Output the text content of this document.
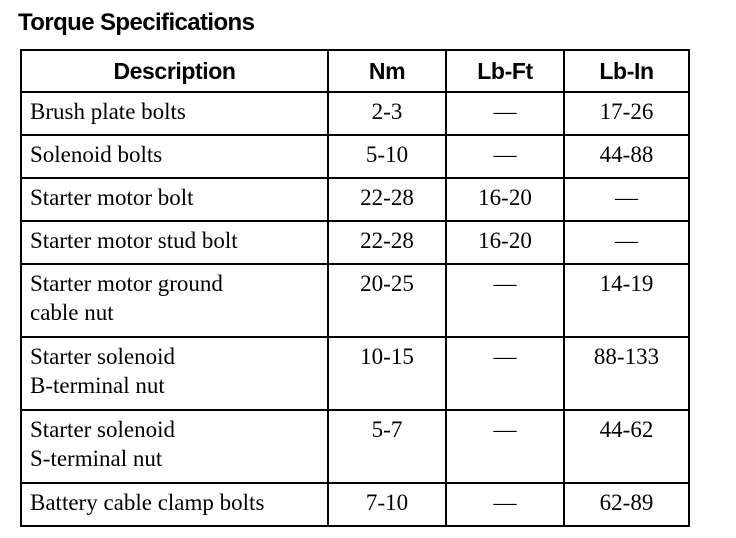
Torque Specifications
Description	Nm	Lb-Ft	Lb-In
Brush plate bolts	2-3	—	17-26
Solenoid bolts	5-10	—	44-88
Starter motor bolt	22-28	16-20	—
Starter motor stud bolt	22-28	16-20	—
Starter motor ground
cable nut	20-25	—	14-19
Starter solenoid
B-terminal nut	10-15	—	88-133
Starter solenoid
S-terminal nut	5-7	—	44-62
Battery cable clamp bolts	7-10	—	62-89
